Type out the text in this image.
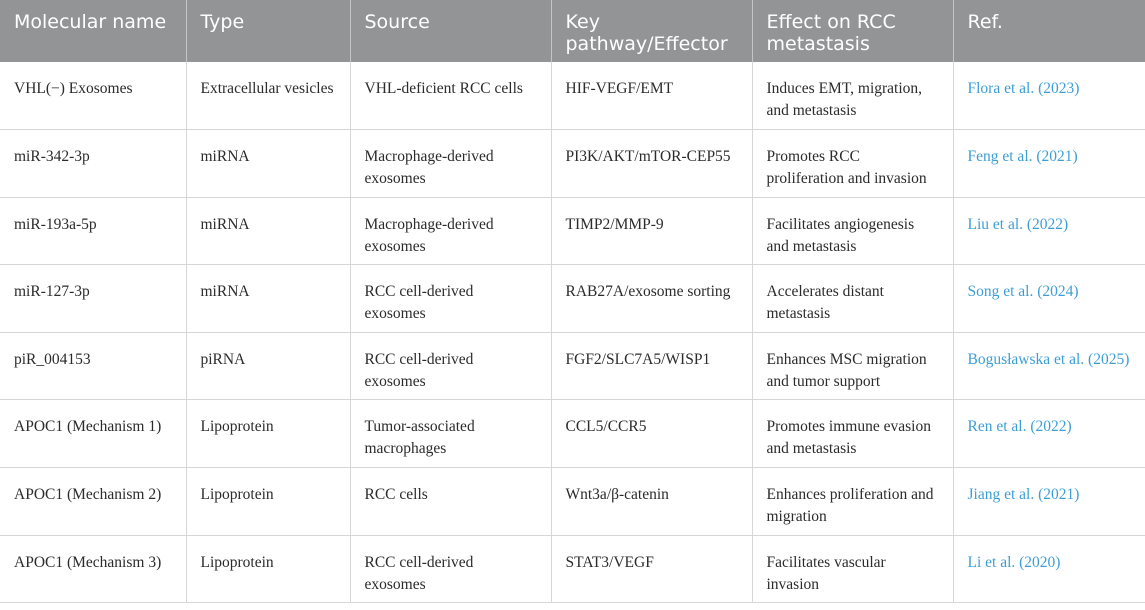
Molecular name	Type	Source	Key pathway/Effector	Effect on RCC metastasis	Ref.
VHL(−) Exosomes	Extracellular vesicles	VHL-deficient RCC cells	HIF-VEGF/EMT	Induces EMT, migration, and metastasis	Flora et al. (2023)
miR-342-3p	miRNA	Macrophage-derived exosomes	PI3K/AKT/mTOR-CEP55	Promotes RCC proliferation and invasion	Feng et al. (2021)
miR-193a-5p	miRNA	Macrophage-derived exosomes	TIMP2/MMP-9	Facilitates angiogenesis and metastasis	Liu et al. (2022)
miR-127-3p	miRNA	RCC cell-derived exosomes	RAB27A/exosome sorting	Accelerates distant metastasis	Song et al. (2024)
piR_004153	piRNA	RCC cell-derived exosomes	FGF2/SLC7A5/WISP1	Enhances MSC migration and tumor support	Bogusławska et al. (2025)
APOC1 (Mechanism 1)	Lipoprotein	Tumor-associated macrophages	CCL5/CCR5	Promotes immune evasion and metastasis	Ren et al. (2022)
APOC1 (Mechanism 2)	Lipoprotein	RCC cells	Wnt3a/β-catenin	Enhances proliferation and migration	Jiang et al. (2021)
APOC1 (Mechanism 3)	Lipoprotein	RCC cell-derived exosomes	STAT3/VEGF	Facilitates vascular invasion	Li et al. (2020)
